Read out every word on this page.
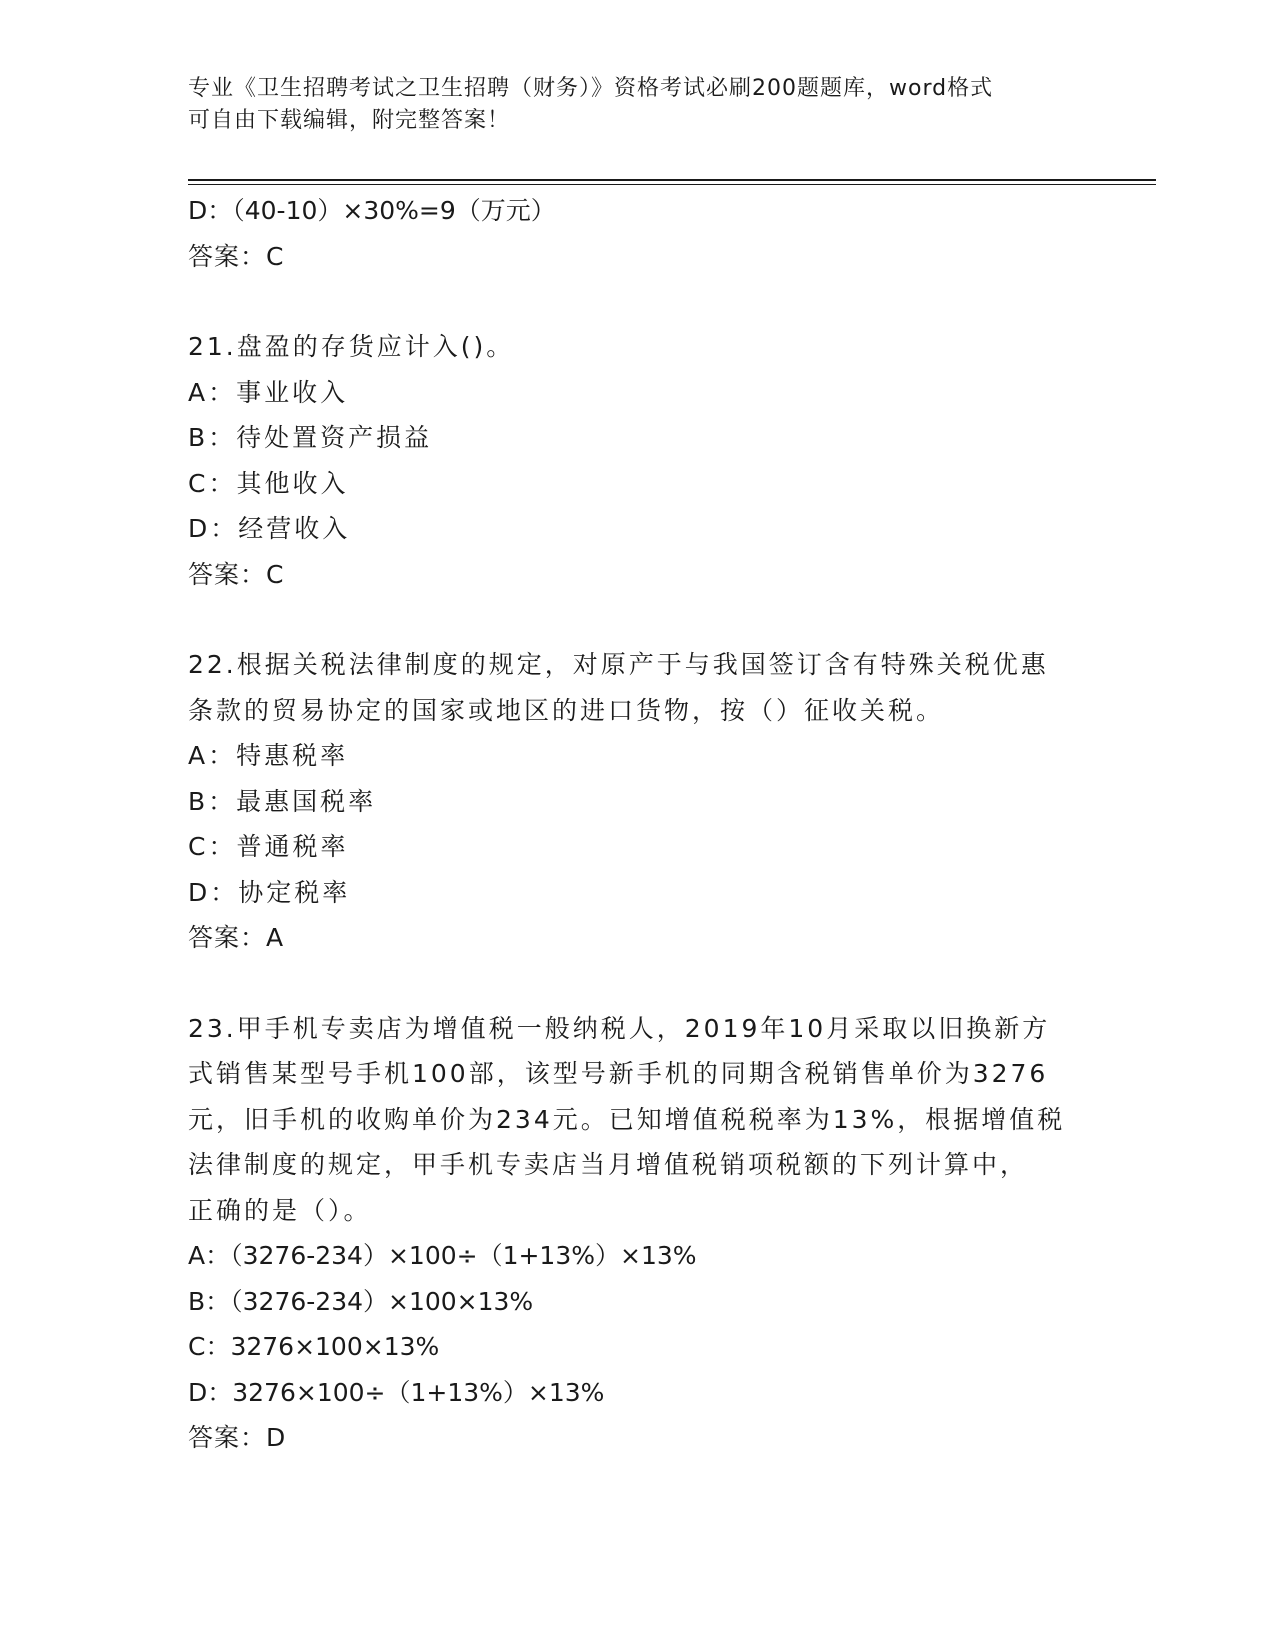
专业《卫生招聘考试之卫生招聘（财务）》资格考试必刷200题题库，word格式
可自由下载编辑，附完整答案！
D：（40-10）×30%=9（万元）
答案：C
21.盘盈的存货应计入()。
A：事业收入
B：待处置资产损益
C：其他收入
D：经营收入
答案：C
22.根据关税法律制度的规定，对原产于与我国签订含有特殊关税优惠
条款的贸易协定的国家或地区的进口货物，按（）征收关税。
A：特惠税率
B：最惠国税率
C：普通税率
D：协定税率
答案：A
23.甲手机专卖店为增值税一般纳税人，2019年10月采取以旧换新方
式销售某型号手机100部，该型号新手机的同期含税销售单价为3276
元，旧手机的收购单价为234元。已知增值税税率为13%，根据增值税
法律制度的规定，甲手机专卖店当月增值税销项税额的下列计算中，
正确的是（）。
A：（3276-234）×100÷（1+13%）×13%
B：（3276-234）×100×13%
C：3276×100×13%
D：3276×100÷（1+13%）×13%
答案：D
